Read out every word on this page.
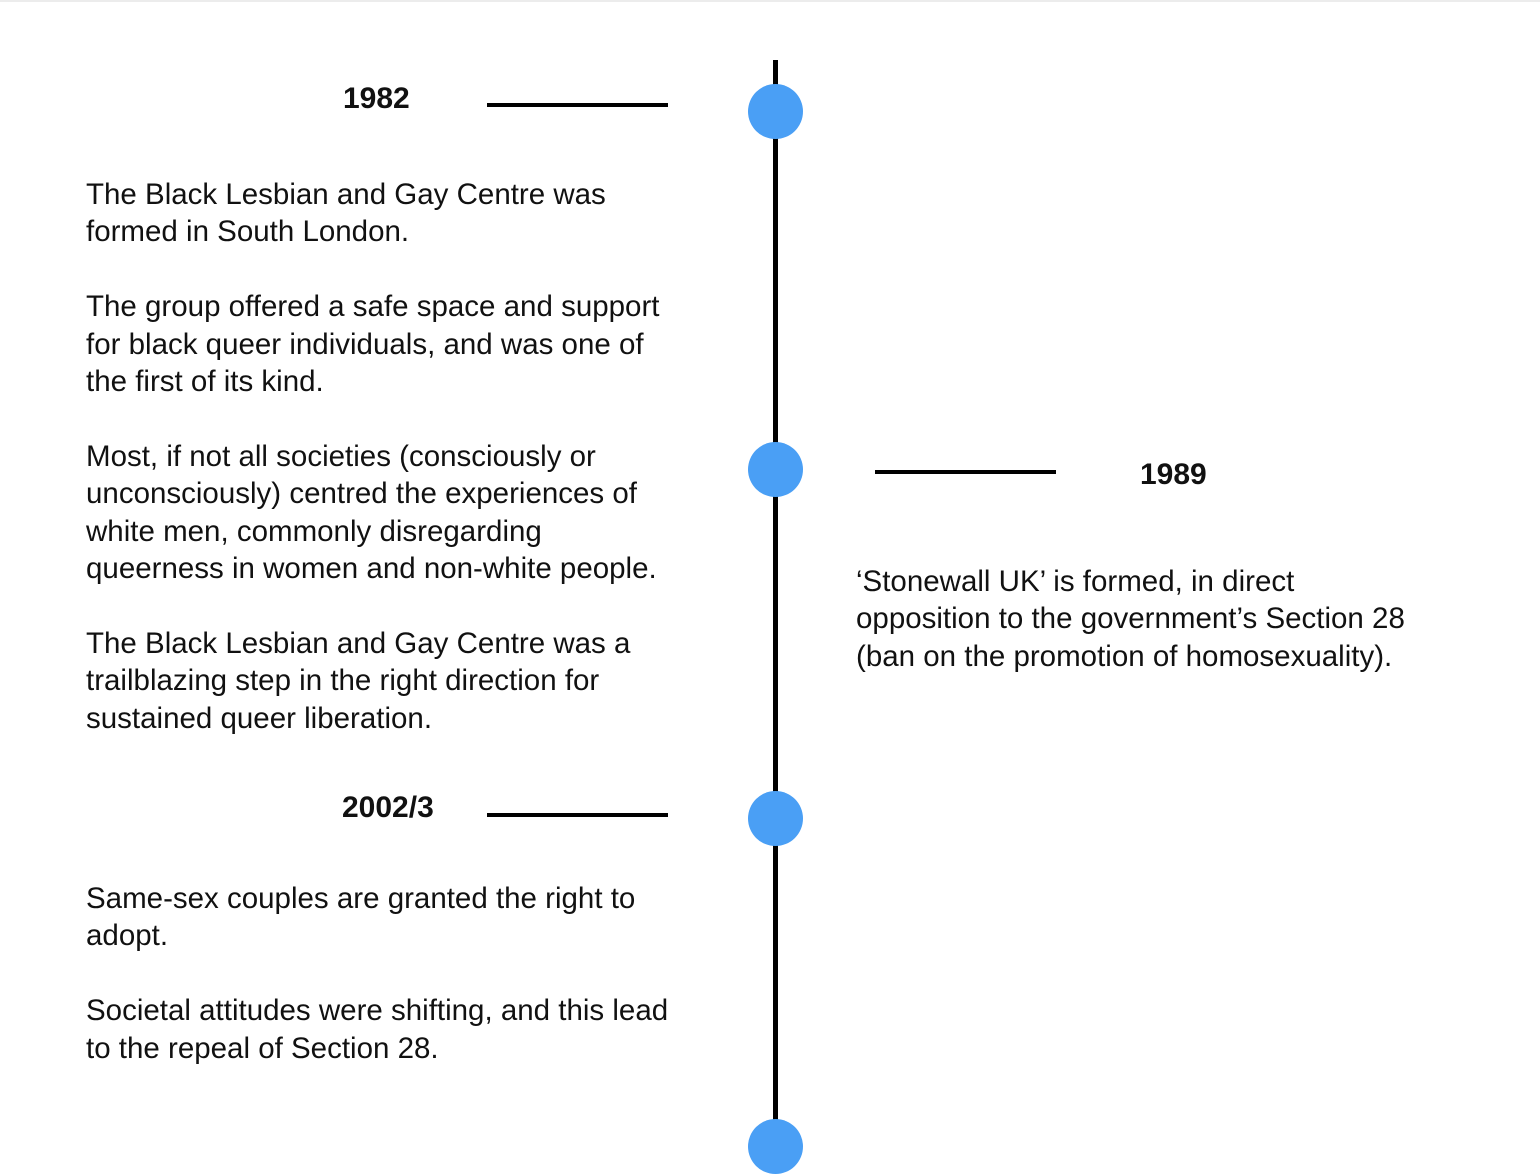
1982

The Black Lesbian and Gay Centre was
formed in South London.

The group offered a safe space and support
for black queer individuals, and was one of
the first of its kind.

Most, if not all societies (consciously or
unconsciously) centred the experiences of
white men, commonly disregarding
queerness in women and non-white people.

The Black Lesbian and Gay Centre was a
trailblazing step in the right direction for
sustained queer liberation.

1989

‘Stonewall UK’ is formed, in direct
opposition to the government’s Section 28
(ban on the promotion of homosexuality).

2002/3

Same-sex couples are granted the right to
adopt.

Societal attitudes were shifting, and this lead
to the repeal of Section 28.
